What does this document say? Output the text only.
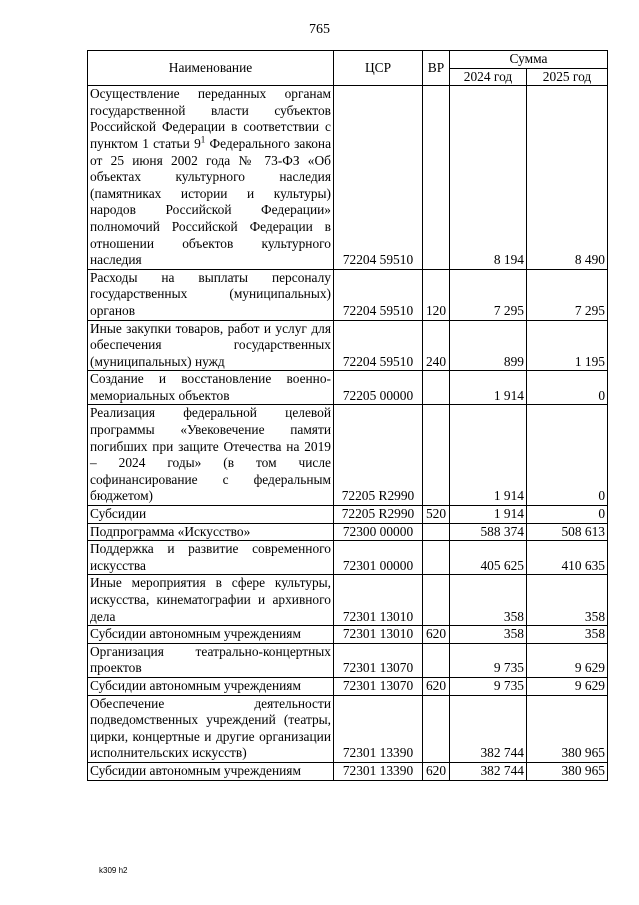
765
Наименование	ЦСР	ВР	Сумма	
			2024 год	2025 год
Осуществление переданных органам государственной власти субъектов Российской Федерации в соответствии с пунктом 1 статьи $9^1$ Федерального закона от 25 июня 2002 года № 73-ФЗ «Об объектах культурного наследия (памятниках истории и культуры) народов Российской Федерации» полномочий Российской Федерации в отношении объектов культурного наследия	72204 59510		8 194	8 490
Расходы на выплаты персоналу государственных (муниципальных) органов	72204 59510	120	7 295	7 295
Иные закупки товаров, работ и услуг для обеспечения государственных (муниципальных) нужд	72204 59510	240	899	1 195
Создание и восстановление военно-мемориальных объектов	72205 00000		1 914	0
Реализация федеральной целевой программы «Увековечение памяти погибших при защите Отечества на 2019 – 2024 годы» (в том числе софинансирование с федеральным бюджетом)	72205 R2990		1 914	0
Субсидии	72205 R2990	520	1 914	0
Подпрограмма «Искусство»	72300 00000		588 374	508 613
Поддержка и развитие современного искусства	72301 00000		405 625	410 635
Иные мероприятия в сфере культуры, искусства, кинематографии и архивного дела	72301 13010		358	358
Субсидии автономным учреждениям	72301 13010	620	358	358
Организация театрально-концертных проектов	72301 13070		9 735	9 629
Субсидии автономным учреждениям	72301 13070	620	9 735	9 629
Обеспечение деятельности подведомственных учреждений (театры, цирки, концертные и другие организации исполнительских искусств)	72301 13390		382 744	380 965
Субсидии автономным учреждениям	72301 13390	620	382 744	380 965
k309 h2
